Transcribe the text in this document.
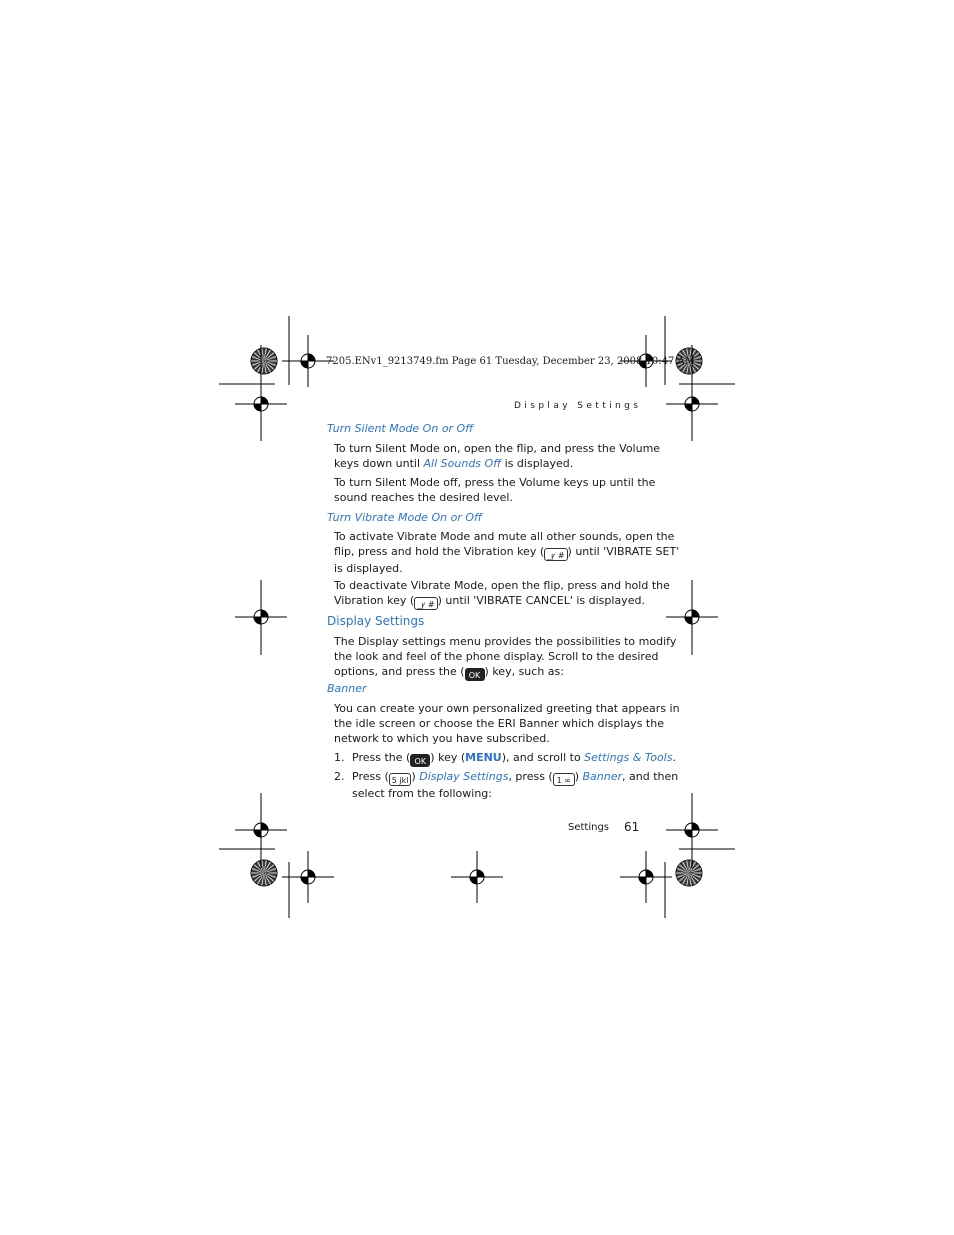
7205.ENv1_9213749.fm Page 61 Tuesday, December 23, 2008 10:47 AM
Display Settings
Turn Silent Mode On or Off
To turn Silent Mode on, open the flip, and press the Volume
keys down until All Sounds Off is displayed.
To turn Silent Mode off, press the Volume keys up until the
sound reaches the desired level.
Turn Vibrate Mode On or Off
To activate Vibrate Mode and mute all other sounds, open the
flip, press and hold the Vibration key ( _ꝩ # ) until 'VIBRATE SET'
is displayed.
To deactivate Vibrate Mode, open the flip, press and hold the
Vibration key ( _ꝩ # ) until 'VIBRATE CANCEL' is displayed.
Display Settings
The Display settings menu provides the possibilities to modify
the look and feel of the phone display. Scroll to the desired
options, and press the ( OK ) key, such as:
Banner
You can create your own personalized greeting that appears in
the idle screen or choose the ERI Banner which displays the
network to which you have subscribed.
1. Press the ( OK ) key (MENU), and scroll to Settings & Tools.
2. Press ( 5 jkl ) Display Settings, press ( 1 ∞ ) Banner, and then
select from the following:
Settings 61
